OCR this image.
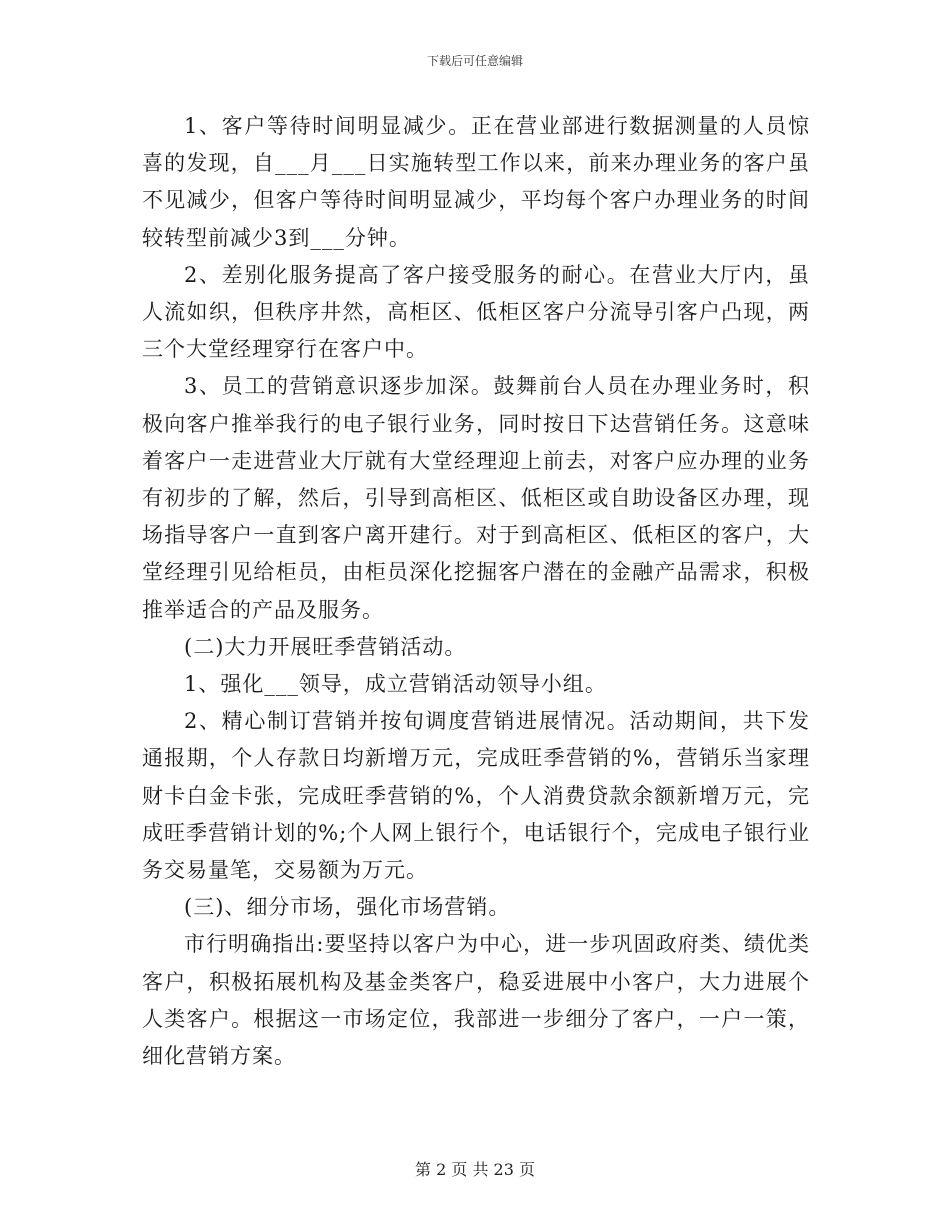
下载后可任意编辑

1、客户等待时间明显减少。正在营业部进行数据测量的人员惊喜的发现，自___月___日实施转型工作以来，前来办理业务的客户虽不见减少，但客户等待时间明显减少，平均每个客户办理业务的时间较转型前减少3到___分钟。

2、差别化服务提高了客户接受服务的耐心。在营业大厅内，虽人流如织，但秩序井然，高柜区、低柜区客户分流导引客户凸现，两三个大堂经理穿行在客户中。

3、员工的营销意识逐步加深。鼓舞前台人员在办理业务时，积极向客户推举我行的电子银行业务，同时按日下达营销任务。这意味着客户一走进营业大厅就有大堂经理迎上前去，对客户应办理的业务有初步的了解，然后，引导到高柜区、低柜区或自助设备区办理，现场指导客户一直到客户离开建行。对于到高柜区、低柜区的客户，大堂经理引见给柜员，由柜员深化挖掘客户潜在的金融产品需求，积极推举适合的产品及服务。

(二)大力开展旺季营销活动。

1、强化___领导，成立营销活动领导小组。

2、精心制订营销并按旬调度营销进展情况。活动期间，共下发通报期，个人存款日均新增万元，完成旺季营销的%，营销乐当家理财卡白金卡张，完成旺季营销的%，个人消费贷款余额新增万元，完成旺季营销计划的%;个人网上银行个，电话银行个，完成电子银行业务交易量笔，交易额为万元。

(三)、细分市场，强化市场营销。

市行明确指出:要坚持以客户为中心，进一步巩固政府类、绩优类客户，积极拓展机构及基金类客户，稳妥进展中小客户，大力进展个人类客户。根据这一市场定位，我部进一步细分了客户，一户一策，细化营销方案。

第 2 页 共 23 页
